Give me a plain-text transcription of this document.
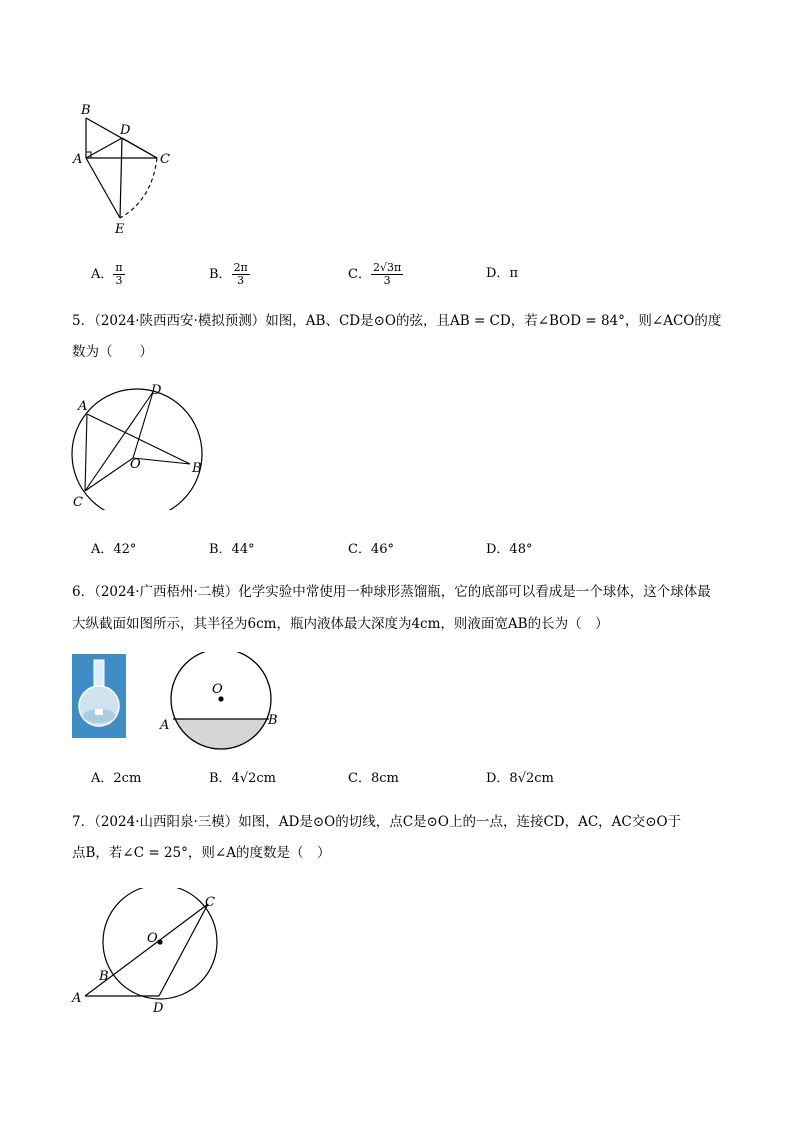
B
D
A	C
E
A． $\frac{\pi}{3}$	B． $\frac{2\pi}{3}$	C． $\frac{2√3\pi}{3}$	D．π
5．（2024·陕西西安·模拟预测）如图，AB、CD是⊙O的弦，且AB = CD，若∠BOD = 84°，则∠ACO的度
数为（　　）
A
D
O	B
C
A．42°	B．44°	C．46°	D．48°
6．（2024·广西梧州·二模）化学实验中常使用一种球形蒸馏瓶，它的底部可以看成是一个球体，这个球体最
大纵截面如图所示，其半径为6cm，瓶内液体最大深度为4cm，则液面宽AB的长为（　）
O
A	B
A．2cm	B．4√2cm	C．8cm	D．8√2cm
7．（2024·山西阳泉·三模）如图，AD是⊙O的切线，点C是⊙O上的一点，连接CD，AC，AC交⊙O于
点B，若∠C = 25°，则∠A的度数是（　）
C
O
B
A
D
